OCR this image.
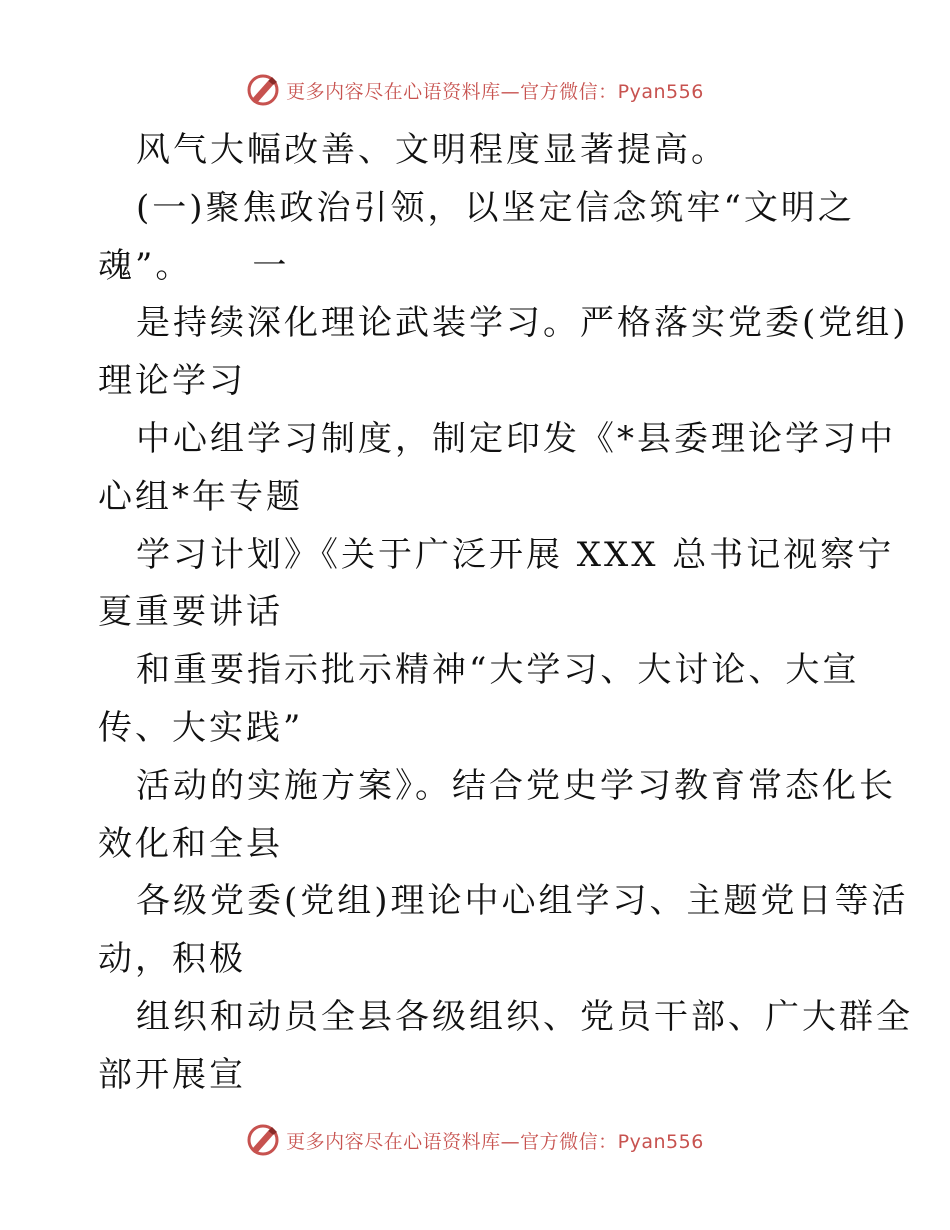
更多内容尽在心语资料库—官方微信：Pyan556

风气大幅改善、文明程度显著提高。

(一)聚焦政治引领，以坚定信念筑牢“文明之

魂”。 一

是持续深化理论武装学习。严格落实党委(党组)

理论学习

中心组学习制度，制定印发《*县委理论学习中

心组*年专题

学习计划》《关于广泛开展 XXX 总书记视察宁

夏重要讲话

和重要指示批示精神“大学习、大讨论、大宣

传、大实践”

活动的实施方案》。结合党史学习教育常态化长

效化和全县

各级党委(党组)理论中心组学习、主题党日等活

动，积极

组织和动员全县各级组织、党员干部、广大群全

部开展宣

更多内容尽在心语资料库—官方微信：Pyan556
